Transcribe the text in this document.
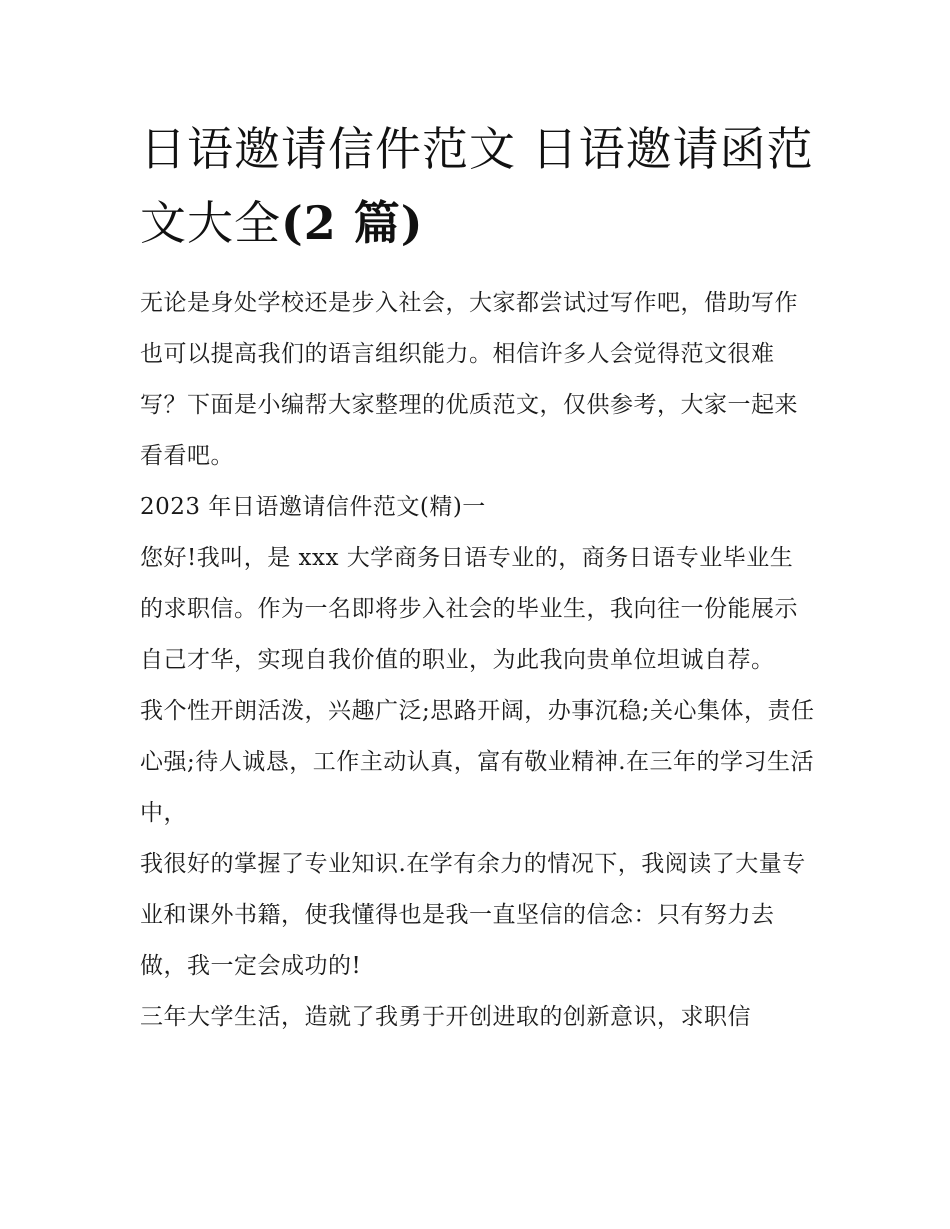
日语邀请信件范文 日语邀请函范文大全(2 篇)

无论是身处学校还是步入社会，大家都尝试过写作吧，借助写作也可以提高我们的语言组织能力。相信许多人会觉得范文很难写？下面是小编帮大家整理的优质范文，仅供参考，大家一起来看看吧。

2023 年日语邀请信件范文(精)一

您好!我叫，是 xxx 大学商务日语专业的，商务日语专业毕业生的求职信。作为一名即将步入社会的毕业生，我向往一份能展示自己才华，实现自我价值的职业，为此我向贵单位坦诚自荐。

我个性开朗活泼，兴趣广泛;思路开阔，办事沉稳;关心集体，责任心强;待人诚恳，工作主动认真，富有敬业精神.在三年的学习生活中，

我很好的掌握了专业知识.在学有余力的情况下，我阅读了大量专业和课外书籍，使我懂得也是我一直坚信的信念：只有努力去做，我一定会成功的!

三年大学生活，造就了我勇于开创进取的创新意识，求职信
